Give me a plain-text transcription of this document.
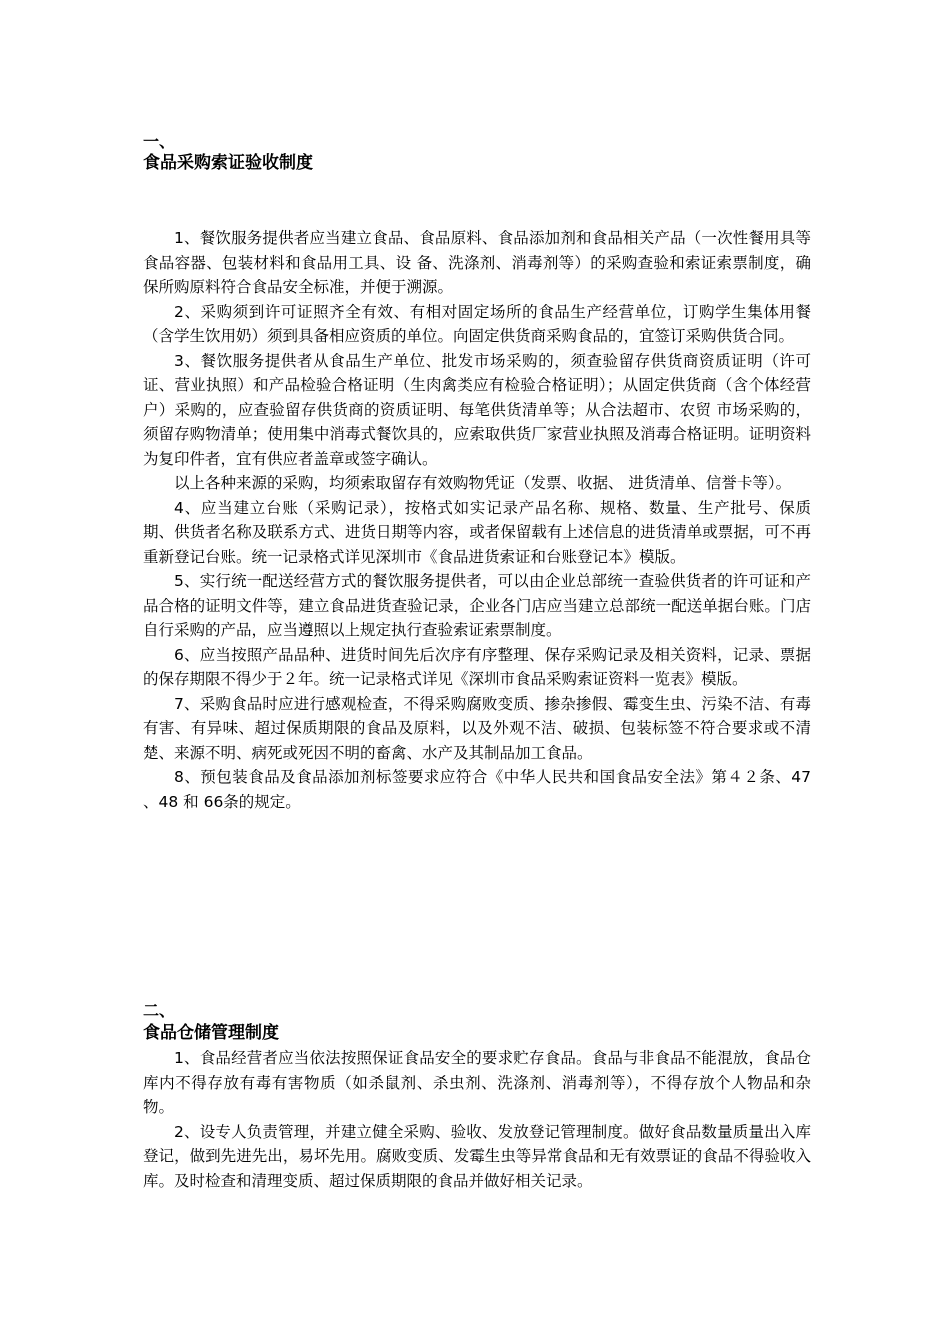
一、
食品采购索证验收制度

1、餐饮服务提供者应当建立食品、食品原料、食品添加剂和食品相关产品（一次性餐用具等食品容器、包装材料和食品用工具、设 备、洗涤剂、消毒剂等）的采购查验和索证索票制度，确保所购原料符合食品安全标准，并便于溯源。

2、采购须到许可证照齐全有效、有相对固定场所的食品生产经营单位，订购学生集体用餐（含学生饮用奶）须到具备相应资质的单位。向固定供货商采购食品的，宜签订采购供货合同。

3、餐饮服务提供者从食品生产单位、批发市场采购的，须查验留存供货商资质证明（许可证、营业执照）和产品检验合格证明（生肉禽类应有检验合格证明）；从固定供货商（含个体经营户）采购的，应查验留存供货商的资质证明、每笔供货清单等；从合法超市、农贸 市场采购的，须留存购物清单；使用集中消毒式餐饮具的，应索取供货厂家营业执照及消毒合格证明。证明资料为复印件者，宜有供应者盖章或签字确认。

以上各种来源的采购，均须索取留存有效购物凭证（发票、收据、 进货清单、信誉卡等）。

4、应当建立台账（采购记录），按格式如实记录产品名称、规格、数量、生产批号、保质期、供货者名称及联系方式、进货日期等内容，或者保留载有上述信息的进货清单或票据，可不再重新登记台账。统一记录格式详见深圳市《食品进货索证和台账登记本》模版。

5、实行统一配送经营方式的餐饮服务提供者，可以由企业总部统一查验供货者的许可证和产品合格的证明文件等，建立食品进货查验记录，企业各门店应当建立总部统一配送单据台账。门店自行采购的产品，应当遵照以上规定执行查验索证索票制度。

6、应当按照产品品种、进货时间先后次序有序整理、保存采购记录及相关资料，记录、票据的保存期限不得少于２年。统一记录格式详见《深圳市食品采购索证资料一览表》模版。

7、采购食品时应进行感观检查，不得采购腐败变质、掺杂掺假、霉变生虫、污染不洁、有毒有害、有异味、超过保质期限的食品及原料，以及外观不洁、破损、包装标签不符合要求或不清楚、来源不明、病死或死因不明的畜禽、水产及其制品加工食品。

8、预包装食品及食品添加剂标签要求应符合《中华人民共和国食品安全法》第４２条、47 、48 和 66条的规定。

二、
食品仓储管理制度

1、食品经营者应当依法按照保证食品安全的要求贮存食品。食品与非食品不能混放，食品仓库内不得存放有毒有害物质（如杀鼠剂、杀虫剂、洗涤剂、消毒剂等），不得存放个人物品和杂物。

2、设专人负责管理，并建立健全采购、验收、发放登记管理制度。做好食品数量质量出入库登记，做到先进先出，易坏先用。腐败变质、发霉生虫等异常食品和无有效票证的食品不得验收入库。及时检查和清理变质、超过保质期限的食品并做好相关记录。
